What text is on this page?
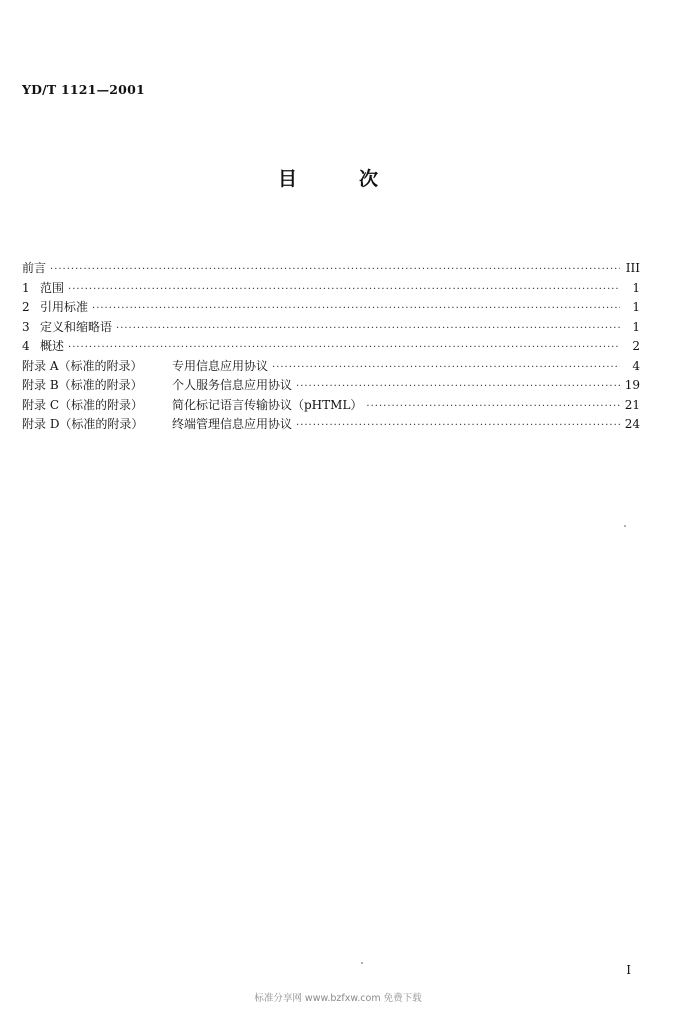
YD/T 1121—2001
目	次
前言 ·····	III
1 范围 ·····	1
2 引用标准 ·····	1
3 定义和缩略语 ·····	1
4 概述 ·····	2
附录 A（标准的附录）	专用信息应用协议 ·····	4
附录 B（标准的附录）	个人服务信息应用协议 ·····	19
附录 C（标准的附录）	简化标记语言传输协议（pHTML） ·····	21
附录 D（标准的附录）	终端管理信息应用协议 ·····	24
I
标准分享网 www.bzfxw.com 免费下载
